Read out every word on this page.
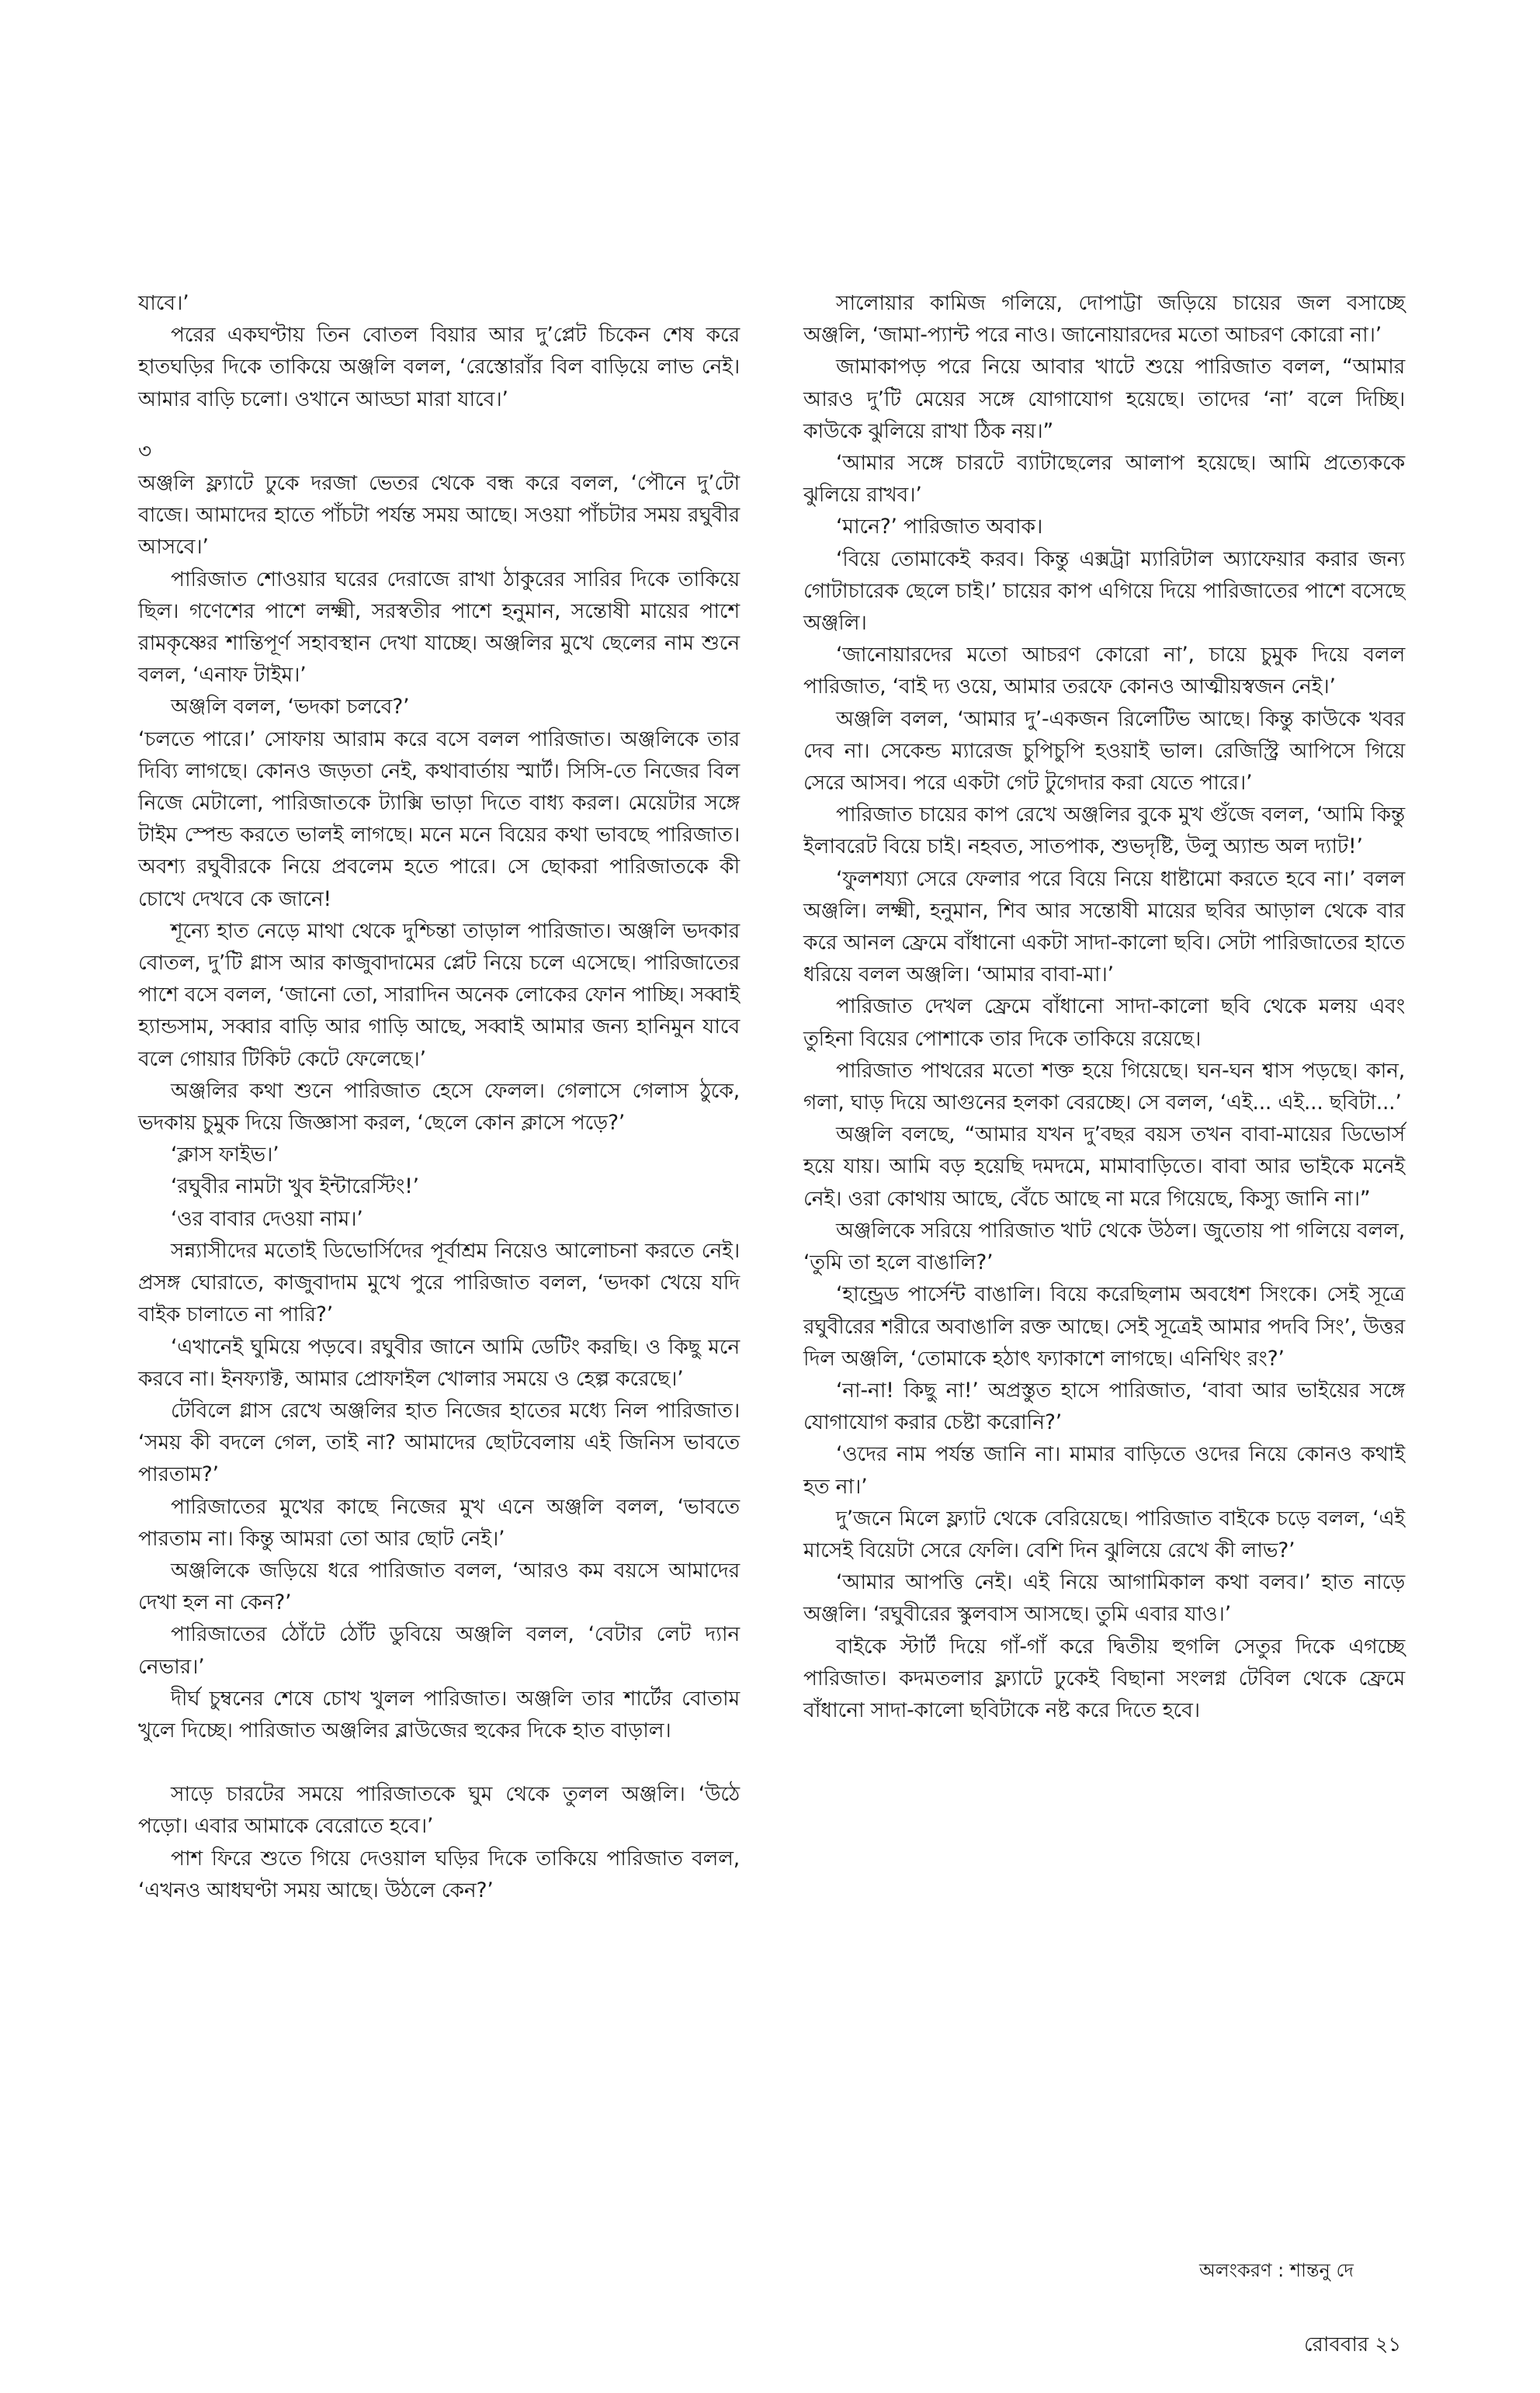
যাবে।’

পরের একঘণ্টায় তিন বোতল বিয়ার আর দু’প্লেট চিকেন শেষ করে হাতঘড়ির দিকে তাকিয়ে অঞ্জলি বলল, ‘রেস্তোরাঁর বিল বাড়িয়ে লাভ নেই। আমার বাড়ি চলো। ওখানে আড্ডা মারা যাবে।’

৩

অঞ্জলি ফ্ল্যাটে ঢুকে দরজা ভেতর থেকে বন্ধ করে বলল, ‘পৌনে দু’টো বাজে। আমাদের হাতে পাঁচটা পর্যন্ত সময় আছে। সওয়া পাঁচটার সময় রঘুবীর আসবে।’

পারিজাত শোওয়ার ঘরের দেরাজে রাখা ঠাকুরের সারির দিকে তাকিয়ে ছিল। গণেশের পাশে লক্ষ্মী, সরস্বতীর পাশে হনুমান, সন্তোষী মায়ের পাশে রামকৃষ্ণের শান্তিপূর্ণ সহাবস্থান দেখা যাচ্ছে। অঞ্জলির মুখে ছেলের নাম শুনে বলল, ‘এনাফ টাইম।’

অঞ্জলি বলল, ‘ভদকা চলবে?’

‘চলতে পারে।’ সোফায় আরাম করে বসে বলল পারিজাত। অঞ্জলিকে তার দিব্যি লাগছে। কোনও জড়তা নেই, কথাবার্তায় স্মার্ট। সিসি-তে নিজের বিল নিজে মেটালো, পারিজাতকে ট্যাক্সি ভাড়া দিতে বাধ্য করল। মেয়েটার সঙ্গে টাইম স্পেন্ড করতে ভালই লাগছে। মনে মনে বিয়ের কথা ভাবছে পারিজাত। অবশ্য রঘুবীরকে নিয়ে প্রবলেম হতে পারে। সে ছোকরা পারিজাতকে কী চোখে দেখবে কে জানে!

শূন্যে হাত নেড়ে মাথা থেকে দুশ্চিন্তা তাড়াল পারিজাত। অঞ্জলি ভদকার বোতল, দু’টি গ্লাস আর কাজুবাদামের প্লেট নিয়ে চলে এসেছে। পারিজাতের পাশে বসে বলল, ‘জানো তো, সারাদিন অনেক লোকের ফোন পাচ্ছি। সব্বাই হ্যান্ডসাম, সব্বার বাড়ি আর গাড়ি আছে, সব্বাই আমার জন্য হানিমুন যাবে বলে গোয়ার টিকিট কেটে ফেলেছে।’

অঞ্জলির কথা শুনে পারিজাত হেসে ফেলল। গেলাসে গেলাস ঠুকে, ভদকায় চুমুক দিয়ে জিজ্ঞাসা করল, ‘ছেলে কোন ক্লাসে পড়ে?’

‘ক্লাস ফাইভ।’

‘রঘুবীর নামটা খুব ইন্টারেস্টিং!’

‘ওর বাবার দেওয়া নাম।’

সন্ন্যাসীদের মতোই ডিভোর্সিদের পূর্বাশ্রম নিয়েও আলোচনা করতে নেই। প্রসঙ্গ ঘোরাতে, কাজুবাদাম মুখে পুরে পারিজাত বলল, ‘ভদকা খেয়ে যদি বাইক চালাতে না পারি?’

‘এখানেই ঘুমিয়ে পড়বে। রঘুবীর জানে আমি ডেটিং করছি। ও কিছু মনে করবে না। ইনফ্যাক্ট, আমার প্রোফাইল খোলার সময়ে ও হেল্প করেছে।’

টেবিলে গ্লাস রেখে অঞ্জলির হাত নিজের হাতের মধ্যে নিল পারিজাত। ‘সময় কী বদলে গেল, তাই না? আমাদের ছোটবেলায় এই জিনিস ভাবতে পারতাম?’

পারিজাতের মুখের কাছে নিজের মুখ এনে অঞ্জলি বলল, ‘ভাবতে পারতাম না। কিন্তু আমরা তো আর ছোট নেই।’

অঞ্জলিকে জড়িয়ে ধরে পারিজাত বলল, ‘আরও কম বয়সে আমাদের দেখা হল না কেন?’

পারিজাতের ঠোঁটে ঠোঁট ডুবিয়ে অঞ্জলি বলল, ‘বেটার লেট দ্যান নেভার।’

দীর্ঘ চুম্বনের শেষে চোখ খুলল পারিজাত। অঞ্জলি তার শার্টের বোতাম খুলে দিচ্ছে। পারিজাত অঞ্জলির ব্লাউজের হুকের দিকে হাত বাড়াল।

সাড়ে চারটের সময়ে পারিজাতকে ঘুম থেকে তুলল অঞ্জলি। ‘উঠে পড়ো। এবার আমাকে বেরোতে হবে।’

পাশ ফিরে শুতে গিয়ে দেওয়াল ঘড়ির দিকে তাকিয়ে পারিজাত বলল, ‘এখনও আধঘণ্টা সময় আছে। উঠলে কেন?’

সালোয়ার কামিজ গলিয়ে, দোপাট্টা জড়িয়ে চায়ের জল বসাচ্ছে অঞ্জলি, ‘জামা-প্যান্ট পরে নাও। জানোয়ারদের মতো আচরণ কোরো না।’

জামাকাপড় পরে নিয়ে আবার খাটে শুয়ে পারিজাত বলল, “আমার আরও দু’টি মেয়ের সঙ্গে যোগাযোগ হয়েছে। তাদের ‘না’ বলে দিচ্ছি। কাউকে ঝুলিয়ে রাখা ঠিক নয়।”

‘আমার সঙ্গে চারটে ব্যাটাছেলের আলাপ হয়েছে। আমি প্রত্যেককে ঝুলিয়ে রাখব।’

‘মানে?’ পারিজাত অবাক।

‘বিয়ে তোমাকেই করব। কিন্তু এক্সট্রা ম্যারিটাল অ্যাফেয়ার করার জন্য গোটাচারেক ছেলে চাই।’ চায়ের কাপ এগিয়ে দিয়ে পারিজাতের পাশে বসেছে অঞ্জলি।

‘জানোয়ারদের মতো আচরণ কোরো না’, চায়ে চুমুক দিয়ে বলল পারিজাত, ‘বাই দ্য ওয়ে, আমার তরফে কোনও আত্মীয়স্বজন নেই।’

অঞ্জলি বলল, ‘আমার দু’-একজন রিলেটিভ আছে। কিন্তু কাউকে খবর দেব না। সেকেন্ড ম্যারেজ চুপিচুপি হওয়াই ভাল। রেজিস্ট্রি আপিসে গিয়ে সেরে আসব। পরে একটা গেট টুগেদার করা যেতে পারে।’

পারিজাত চায়ের কাপ রেখে অঞ্জলির বুকে মুখ গুঁজে বলল, ‘আমি কিন্তু ইলাবরেট বিয়ে চাই। নহবত, সাতপাক, শুভদৃষ্টি, উলু অ্যান্ড অল দ্যাট!’

‘ফুলশয্যা সেরে ফেলার পরে বিয়ে নিয়ে ধাষ্টামো করতে হবে না।’ বলল অঞ্জলি। লক্ষ্মী, হনুমান, শিব আর সন্তোষী মায়ের ছবির আড়াল থেকে বার করে আনল ফ্রেমে বাঁধানো একটা সাদা-কালো ছবি। সেটা পারিজাতের হাতে ধরিয়ে বলল অঞ্জলি। ‘আমার বাবা-মা।’

পারিজাত দেখল ফ্রেমে বাঁধানো সাদা-কালো ছবি থেকে মলয় এবং তুহিনা বিয়ের পোশাকে তার দিকে তাকিয়ে রয়েছে।

পারিজাত পাথরের মতো শক্ত হয়ে গিয়েছে। ঘন-ঘন শ্বাস পড়ছে। কান, গলা, ঘাড় দিয়ে আগুনের হলকা বেরচ্ছে। সে বলল, ‘এই... এই... ছবিটা...’

অঞ্জলি বলছে, “আমার যখন দু’বছর বয়স তখন বাবা-মায়ের ডিভোর্স হয়ে যায়। আমি বড় হয়েছি দমদমে, মামাবাড়িতে। বাবা আর ভাইকে মনেই নেই। ওরা কোথায় আছে, বেঁচে আছে না মরে গিয়েছে, কিস্যু জানি না।”

অঞ্জলিকে সরিয়ে পারিজাত খাট থেকে উঠল। জুতোয় পা গলিয়ে বলল, ‘তুমি তা হলে বাঙালি?’

‘হান্ড্রেড পার্সেন্ট বাঙালি। বিয়ে করেছিলাম অবধেশ সিংকে। সেই সূত্রে রঘুবীরের শরীরে অবাঙালি রক্ত আছে। সেই সূত্রেই আমার পদবি সিং’, উত্তর দিল অঞ্জলি, ‘তোমাকে হঠাৎ ফ্যাকাশে লাগছে। এনিথিং রং?’

‘না-না! কিছু না!’ অপ্রস্তুত হাসে পারিজাত, ‘বাবা আর ভাইয়ের সঙ্গে যোগাযোগ করার চেষ্টা করোনি?’

‘ওদের নাম পর্যন্ত জানি না। মামার বাড়িতে ওদের নিয়ে কোনও কথাই হত না।’

দু’জনে মিলে ফ্ল্যাট থেকে বেরিয়েছে। পারিজাত বাইকে চড়ে বলল, ‘এই মাসেই বিয়েটা সেরে ফেলি। বেশি দিন ঝুলিয়ে রেখে কী লাভ?’

‘আমার আপত্তি নেই। এই নিয়ে আগামিকাল কথা বলব।’ হাত নাড়ে অঞ্জলি। ‘রঘুবীরের স্কুলবাস আসছে। তুমি এবার যাও।’

বাইকে স্টার্ট দিয়ে গাঁ-গাঁ করে দ্বিতীয় হুগলি সেতুর দিকে এগচ্ছে পারিজাত। কদমতলার ফ্ল্যাটে ঢুকেই বিছানা সংলগ্ন টেবিল থেকে ফ্রেমে বাঁধানো সাদা-কালো ছবিটাকে নষ্ট করে দিতে হবে।

অলংকরণ : শান্তনু দে
রোববার ২১
